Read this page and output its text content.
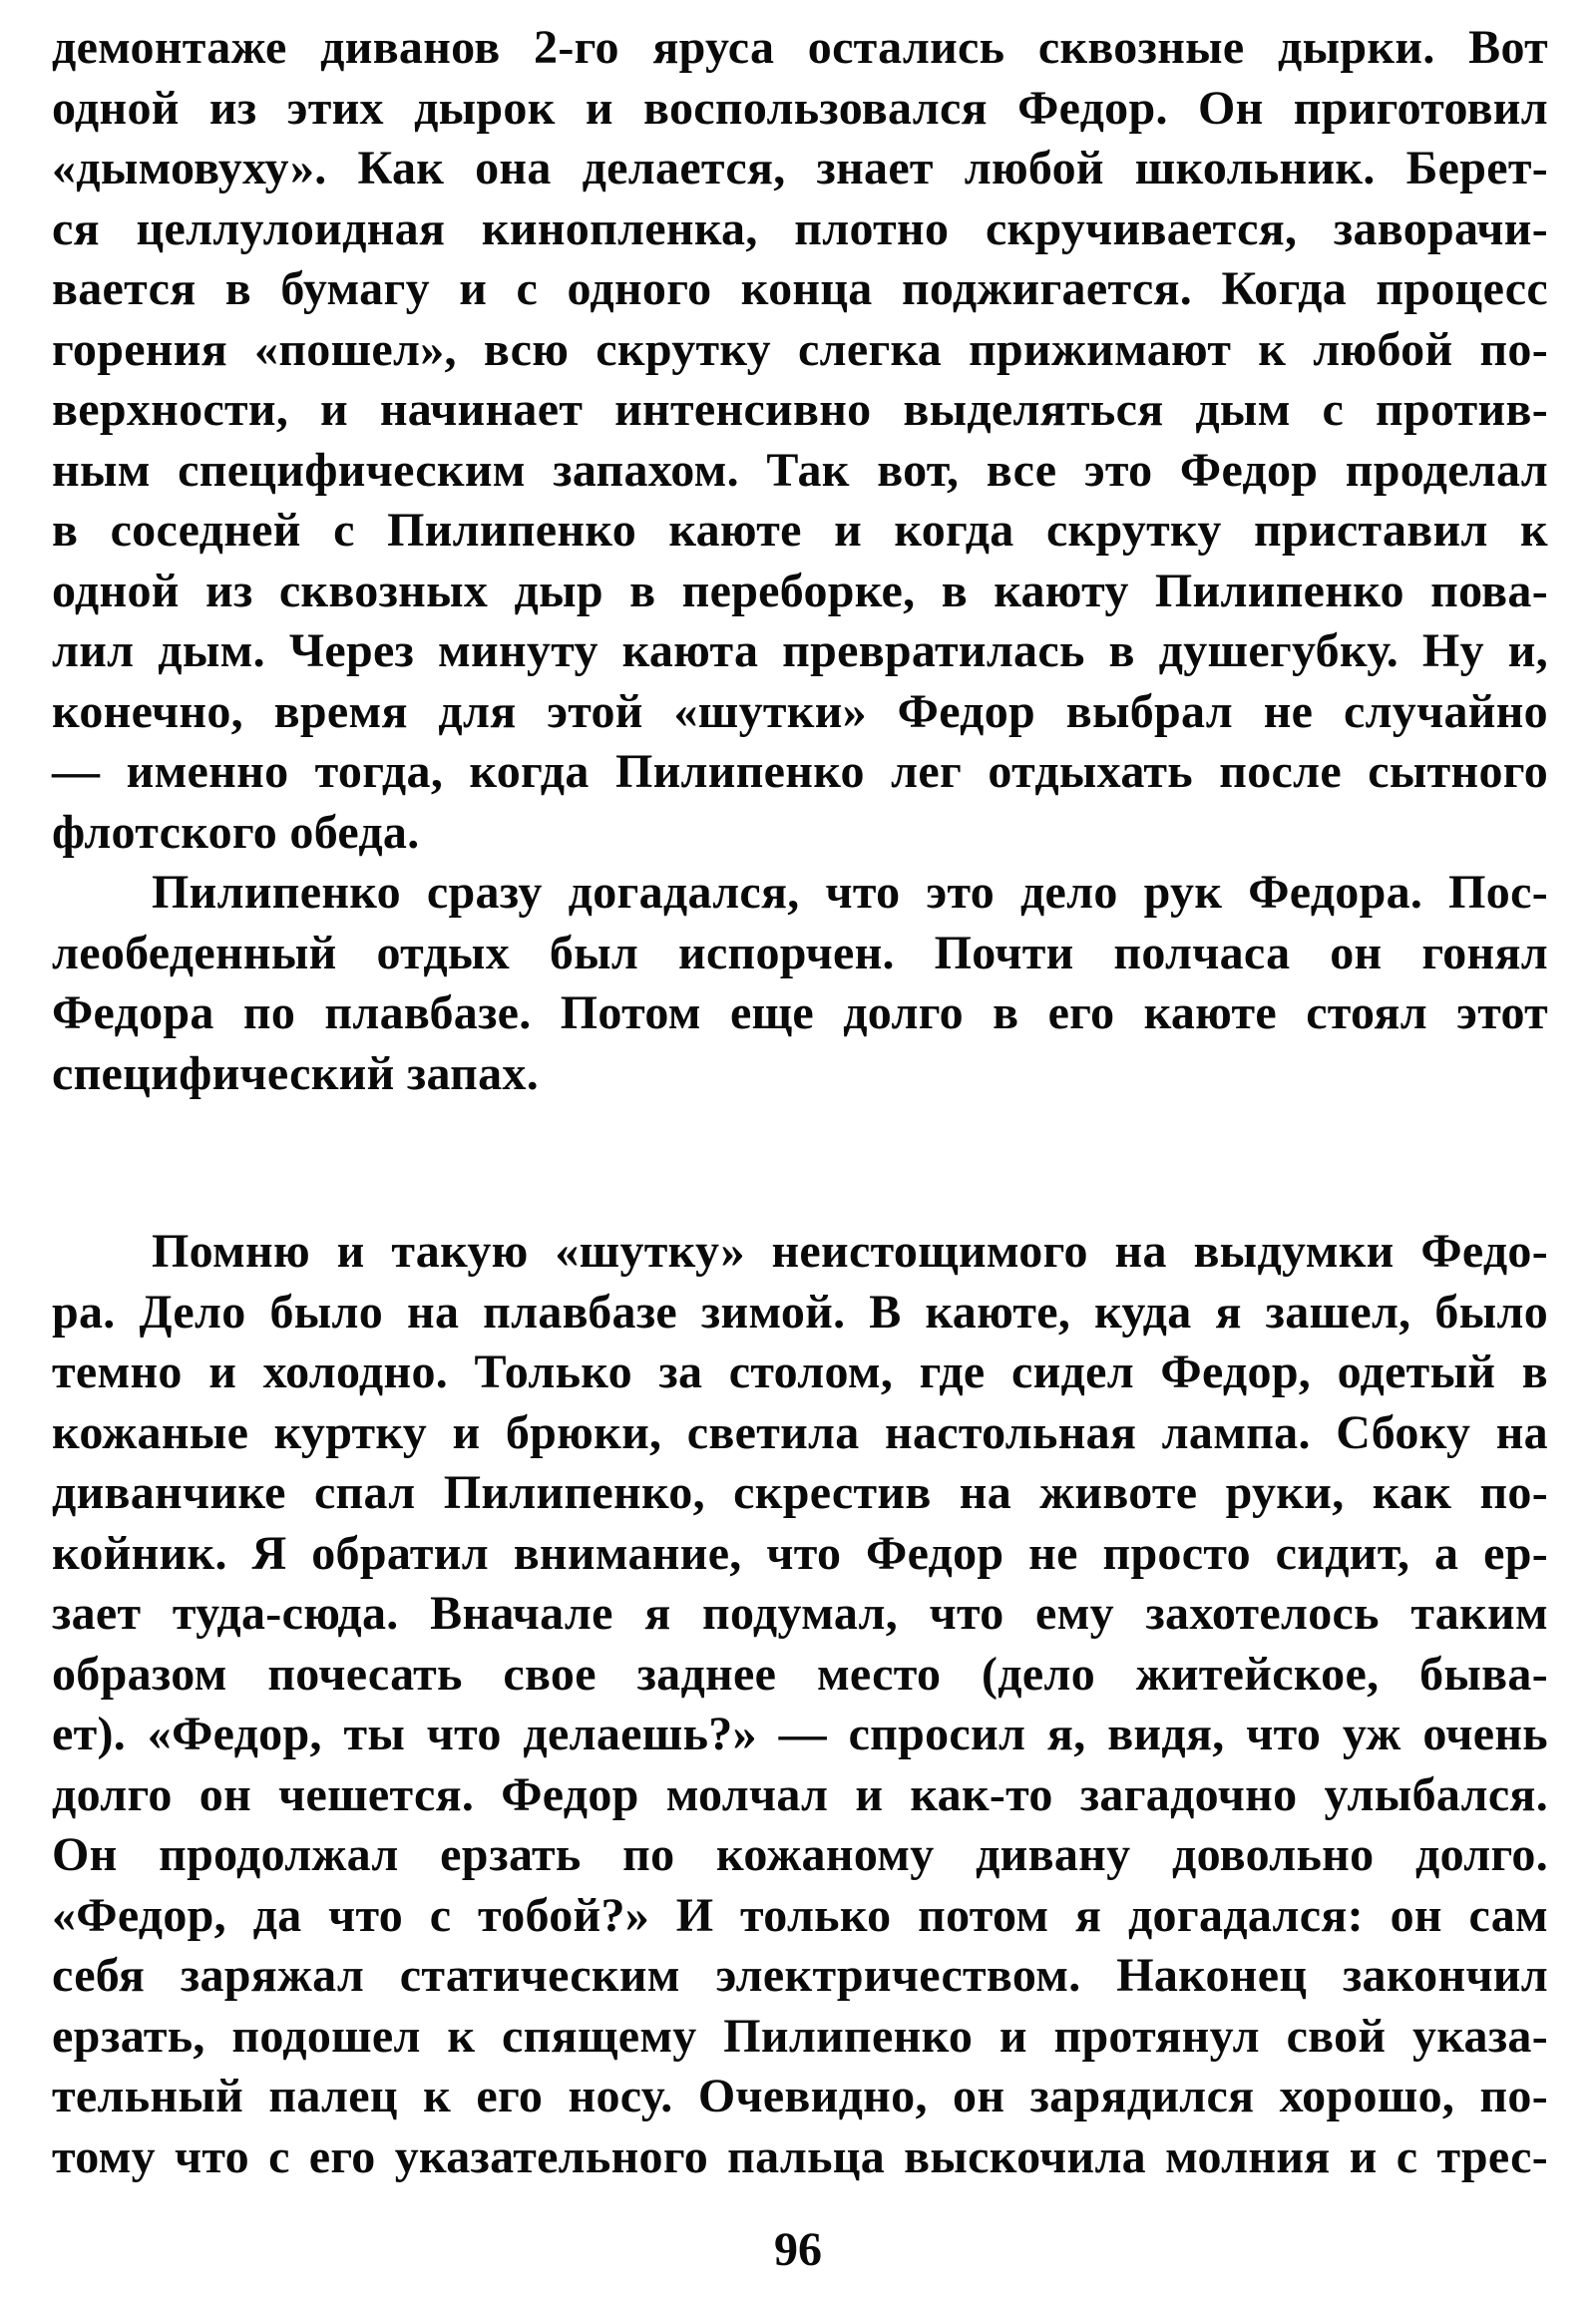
демонтаже диванов 2-го яруса остались сквозные дырки. Вот
одной из этих дырок и воспользовался Федор. Он приготовил
«дымовуху». Как она делается, знает любой школьник. Берет-
ся целлулоидная кинопленка, плотно скручивается, заворачи-
вается в бумагу и с одного конца поджигается. Когда процесс
горения «пошел», всю скрутку слегка прижимают к любой по-
верхности, и начинает интенсивно выделяться дым с против-
ным специфическим запахом. Так вот, все это Федор проделал
в соседней с Пилипенко каюте и когда скрутку приставил к
одной из сквозных дыр в переборке, в каюту Пилипенко пова-
лил дым. Через минуту каюта превратилась в душегубку. Ну и,
конечно, время для этой «шутки» Федор выбрал не случайно
— именно тогда, когда Пилипенко лег отдыхать после сытного
флотского обеда.
Пилипенко сразу догадался, что это дело рук Федора. Пос-
леобеденный отдых был испорчен. Почти полчаса он гонял
Федора по плавбазе. Потом еще долго в его каюте стоял этот
специфический запах.
Помню и такую «шутку» неистощимого на выдумки Федо-
ра. Дело было на плавбазе зимой. В каюте, куда я зашел, было
темно и холодно. Только за столом, где сидел Федор, одетый в
кожаные куртку и брюки, светила настольная лампа. Сбоку на
диванчике спал Пилипенко, скрестив на животе руки, как по-
койник. Я обратил внимание, что Федор не просто сидит, а ер-
зает туда-сюда. Вначале я подумал, что ему захотелось таким
образом почесать свое заднее место (дело житейское, быва-
ет). «Федор, ты что делаешь?» — спросил я, видя, что уж очень
долго он чешется. Федор молчал и как-то загадочно улыбался.
Он продолжал ерзать по кожаному дивану довольно долго.
«Федор, да что с тобой?» И только потом я догадался: он сам
себя заряжал статическим электричеством. Наконец закончил
ерзать, подошел к спящему Пилипенко и протянул свой указа-
тельный палец к его носу. Очевидно, он зарядился хорошо, по-
тому что с его указательного пальца выскочила молния и с трес-
96
